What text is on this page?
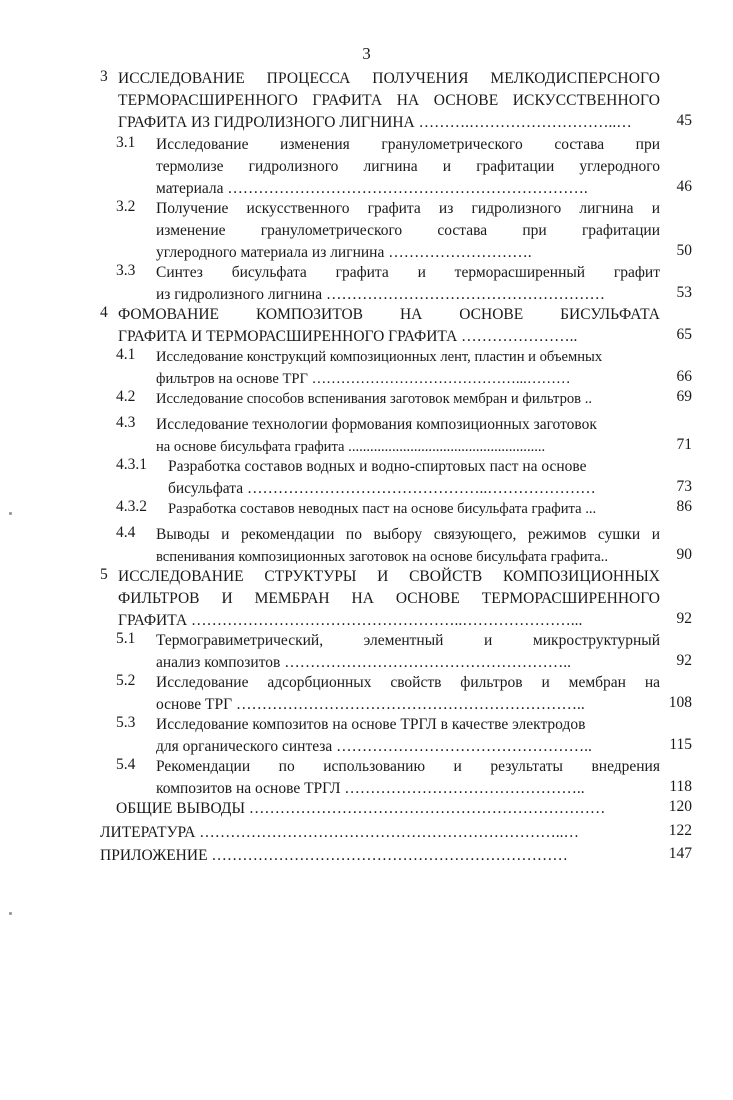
3
3 ИССЛЕДОВАНИЕ ПРОЦЕССА ПОЛУЧЕНИЯ МЕЛКОДИСПЕРСНОГО
ТЕРМОРАСШИРЕННОГО ГРАФИТА НА ОСНОВЕ ИСКУССТВЕННОГО
ГРАФИТА ИЗ ГИДРОЛИЗНОГО ЛИГНИНА ……….………………………..…	45
3.1 Исследование изменения гранулометрического состава при
термолизе гидролизного лигнина и графитации углеродного
материала …………………………………………………………….	46
3.2 Получение искусственного графита из гидролизного лигнина и
изменение гранулометрического состава при графитации
углеродного материала из лигнина ……………………….	50
3.3 Синтез бисульфата графита и терморасширенный графит
из гидролизного лигнина ………………………………………………	53
4 ФОМОВАНИЕ КОМПОЗИТОВ НА ОСНОВЕ БИСУЛЬФАТА
ГРАФИТА И ТЕРМОРАСШИРЕННОГО ГРАФИТА …………………..	65
4.1 Исследование конструкций композиционных лент, пластин и объемных
фильтров на основе ТРГ ……………………………………...………	66
4.2 Исследование способов вспенивания заготовок мембран и фильтров ..	69
4.3 Исследование технологии формования композиционных заготовок
на основе бисульфата графита ......................................................	71
4.3.1 Разработка составов водных и водно-спиртовых паст на основе
бисульфата ………………………………………..…………………	73
4.3.2 Разработка составов неводных паст на основе бисульфата графита ...	86
4.4 Выводы и рекомендации по выбору связующего, режимов сушки и
вспенивания композиционных заготовок на основе бисульфата графита..	90
5 ИССЛЕДОВАНИЕ СТРУКТУРЫ И СВОЙСТВ КОМПОЗИЦИОННЫХ
ФИЛЬТРОВ И МЕМБРАН НА ОСНОВЕ ТЕРМОРАСШИРЕННОГО
ГРАФИТА ……………………………………………..…………………...	92
5.1 Термогравиметрический, элементный и микроструктурный
анализ композитов ………………………………………………..	92
5.2 Исследование адсорбционных свойств фильтров и мембран на
основе ТРГ …………………………………………………………..	108
5.3 Исследование композитов на основе ТРГЛ в качестве электродов
для органического синтеза …………………………………………..	115
5.4 Рекомендации по использованию и результаты внедрения
композитов на основе ТРГЛ ………………………………………..	118
ОБЩИЕ ВЫВОДЫ ……………………………………………………………	120
ЛИТЕРАТУРА ……………………………………………………………..…	122
ПРИЛОЖЕНИЕ ……………………………………………………………	147
